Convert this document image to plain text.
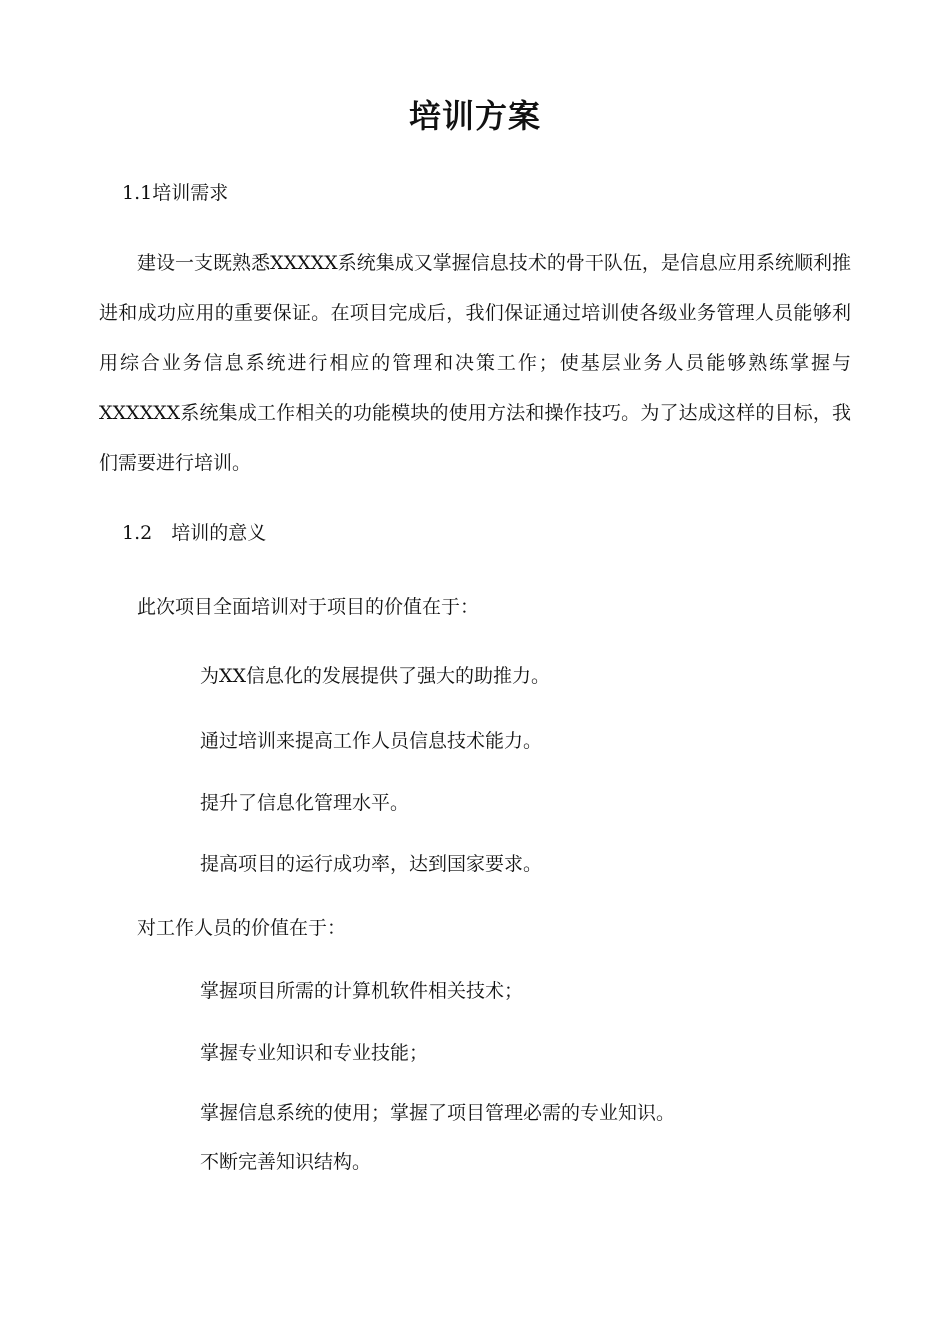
培训方案
1.1培训需求
建设一支既熟悉XXXXX系统集成又掌握信息技术的骨干队伍，是信息应用系统顺利推进和成功应用的重要保证。在项目完成后，我们保证通过培训使各级业务管理人员能够利用综合业务信息系统进行相应的管理和决策工作；使基层业务人员能够熟练掌握与XXXXXX系统集成工作相关的功能模块的使用方法和操作技巧。为了达成这样的目标，我们需要进行培训。
1.2　培训的意义
此次项目全面培训对于项目的价值在于：
为XX信息化的发展提供了强大的助推力。
通过培训来提高工作人员信息技术能力。
提升了信息化管理水平。
提高项目的运行成功率，达到国家要求。
对工作人员的价值在于：
掌握项目所需的计算机软件相关技术；
掌握专业知识和专业技能；
掌握信息系统的使用；掌握了项目管理必需的专业知识。
不断完善知识结构。
